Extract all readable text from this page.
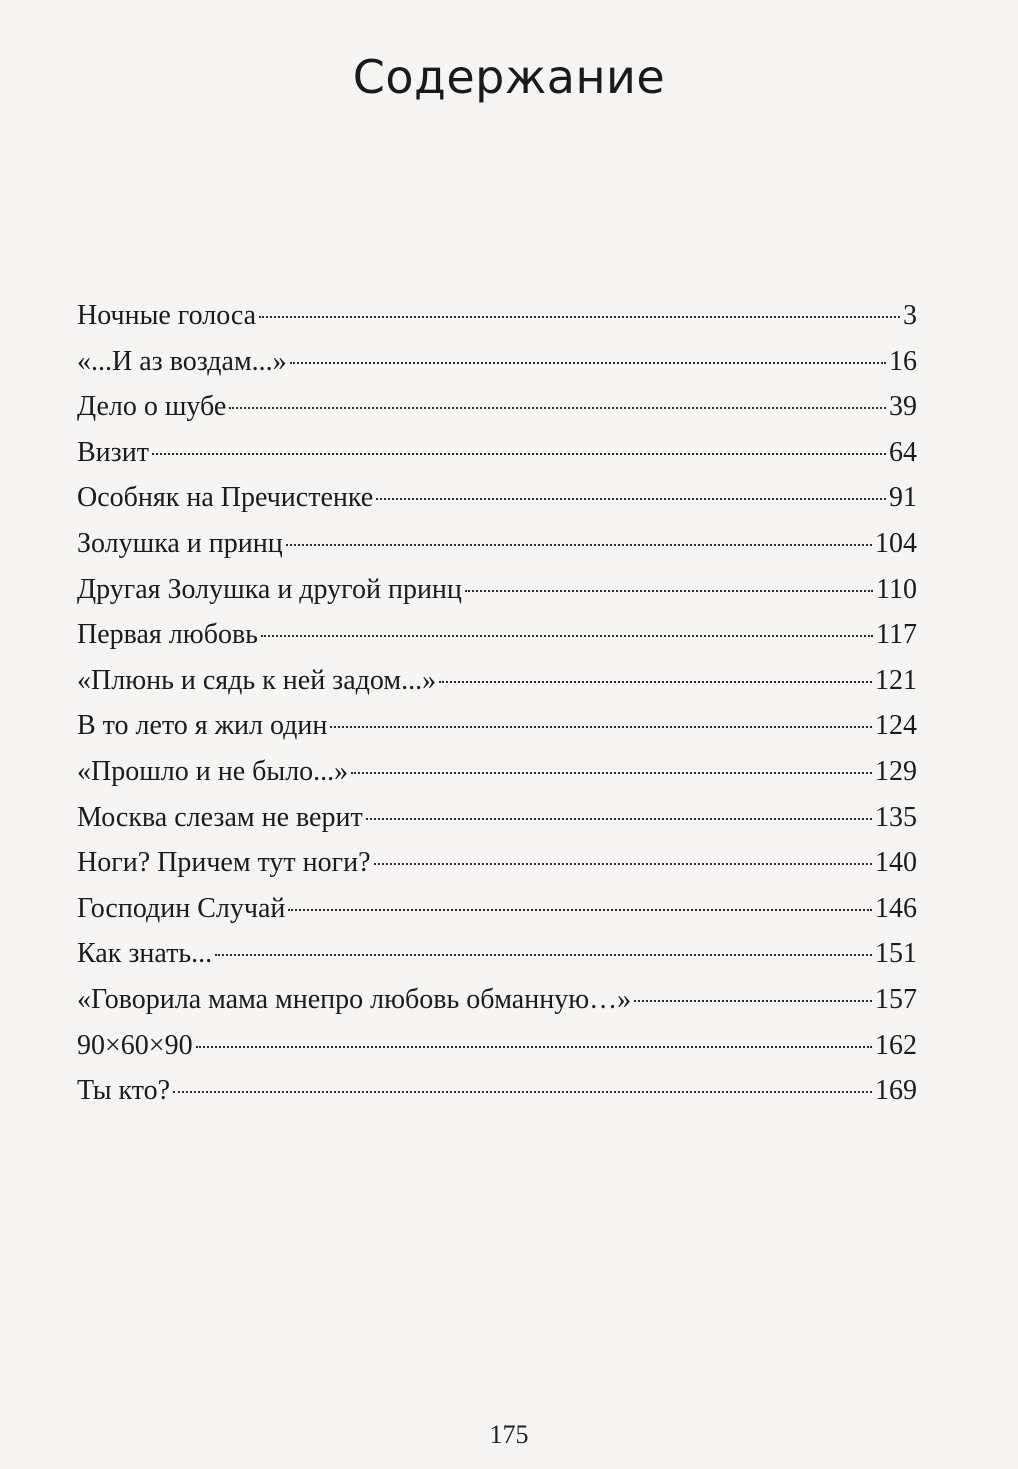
Содержание
Ночные голоса	3
«...И аз воздам...»	16
Дело о шубе	39
Визит	64
Особняк на Пречистенке	91
Золушка и принц	104
Другая Золушка и другой принц	110
Первая любовь	117
«Плюнь и сядь к ней задом...»	121
В то лето я жил один	124
«Прошло и не было...»	129
Москва слезам не верит	135
Ноги? Причем тут ноги?	140
Господин Случай	146
Как знать...	151
«Говорила мама мнепро любовь обманную…»	157
90×60×90	162
Ты кто?	169
175
